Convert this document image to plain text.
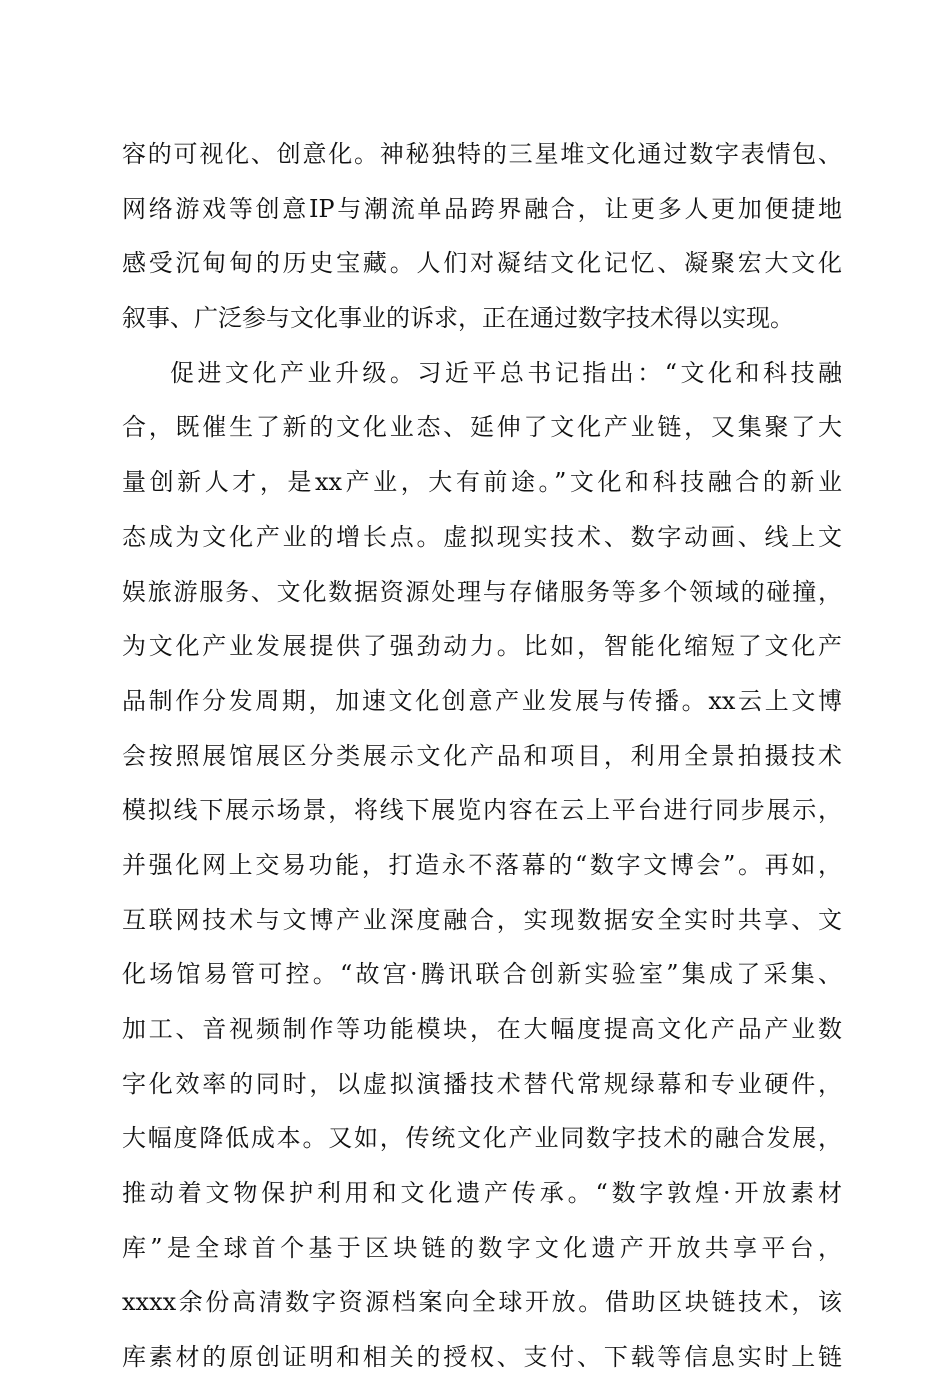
容的可视化、创意化。神秘独特的三星堆文化通过数字表情包、
网络游戏等创意IP与潮流单品跨界融合，让更多人更加便捷地
感受沉甸甸的历史宝藏。人们对凝结文化记忆、凝聚宏大文化
叙事、广泛参与文化事业的诉求，正在通过数字技术得以实现。
促进文化产业升级。习近平总书记指出：“文化和科技融
合，既催生了新的文化业态、延伸了文化产业链，又集聚了大
量创新人才，是xx产业，大有前途。”文化和科技融合的新业
态成为文化产业的增长点。虚拟现实技术、数字动画、线上文
娱旅游服务、文化数据资源处理与存储服务等多个领域的碰撞，
为文化产业发展提供了强劲动力。比如，智能化缩短了文化产
品制作分发周期，加速文化创意产业发展与传播。xx云上文博
会按照展馆展区分类展示文化产品和项目，利用全景拍摄技术
模拟线下展示场景，将线下展览内容在云上平台进行同步展示，
并强化网上交易功能，打造永不落幕的“数字文博会”。再如，
互联网技术与文博产业深度融合，实现数据安全实时共享、文
化场馆易管可控。“故宫·腾讯联合创新实验室”集成了采集、
加工、音视频制作等功能模块，在大幅度提高文化产品产业数
字化效率的同时，以虚拟演播技术替代常规绿幕和专业硬件，
大幅度降低成本。又如，传统文化产业同数字技术的融合发展，
推动着文物保护利用和文化遗产传承。“数字敦煌·开放素材
库”是全球首个基于区块链的数字文化遗产开放共享平台，
xxxx余份高清数字资源档案向全球开放。借助区块链技术，该
库素材的原创证明和相关的授权、支付、下载等信息实时上链
